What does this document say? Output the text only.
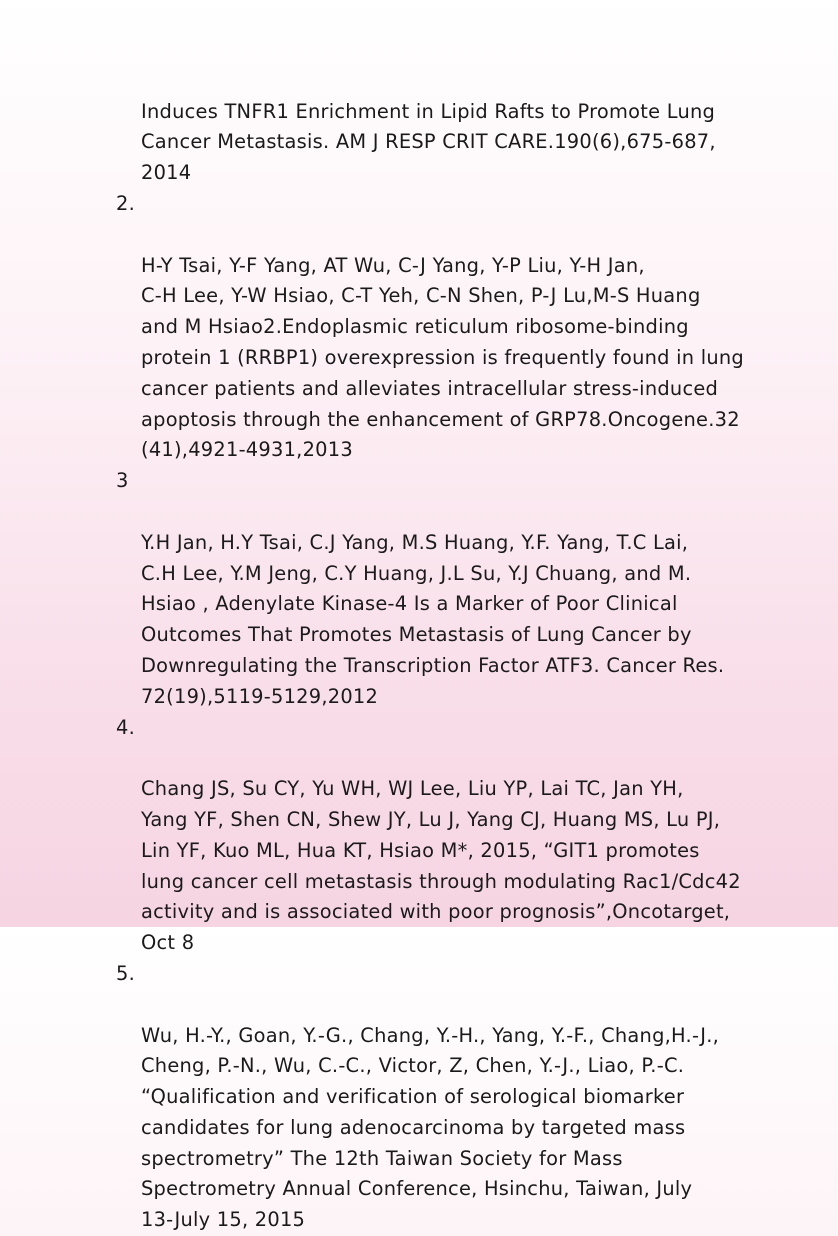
Induces TNFR1 Enrichment in Lipid Rafts to Promote Lung
Cancer Metastasis. AM J RESP CRIT CARE.190(6),675-687,
2014

2.

H-Y Tsai, Y-F Yang, AT Wu, C-J Yang, Y-P Liu, Y-H Jan,
C-H Lee, Y-W Hsiao, C-T Yeh, C-N Shen, P-J Lu,M-S Huang
and M Hsiao2.Endoplasmic reticulum ribosome-binding
protein 1 (RRBP1) overexpression is frequently found in lung
cancer patients and alleviates intracellular stress-induced
apoptosis through the enhancement of GRP78.Oncogene.32
(41),4921-4931,2013

3

Y.H Jan, H.Y Tsai, C.J Yang, M.S Huang, Y.F. Yang, T.C Lai,
C.H Lee, Y.M Jeng, C.Y Huang, J.L Su, Y.J Chuang, and M.
Hsiao , Adenylate Kinase-4 Is a Marker of Poor Clinical
Outcomes That Promotes Metastasis of Lung Cancer by
Downregulating the Transcription Factor ATF3. Cancer Res.
72(19),5119-5129,2012

4.

Chang JS, Su CY, Yu WH, WJ Lee, Liu YP, Lai TC, Jan YH,
Yang YF, Shen CN, Shew JY, Lu J, Yang CJ, Huang MS, Lu PJ,
Lin YF, Kuo ML, Hua KT, Hsiao M*, 2015, “GIT1 promotes
lung cancer cell metastasis through modulating Rac1/Cdc42
activity and is associated with poor prognosis”,Oncotarget,
Oct 8

5.

Wu, H.-Y., Goan, Y.-G., Chang, Y.-H., Yang, Y.-F., Chang,H.-J.,
Cheng, P.-N., Wu, C.-C., Victor, Z, Chen, Y.-J., Liao, P.-C.
“Qualification and verification of serological biomarker
candidates for lung adenocarcinoma by targeted mass
spectrometry” The 12th Taiwan Society for Mass
Spectrometry Annual Conference, Hsinchu, Taiwan, July
13-July 15, 2015
